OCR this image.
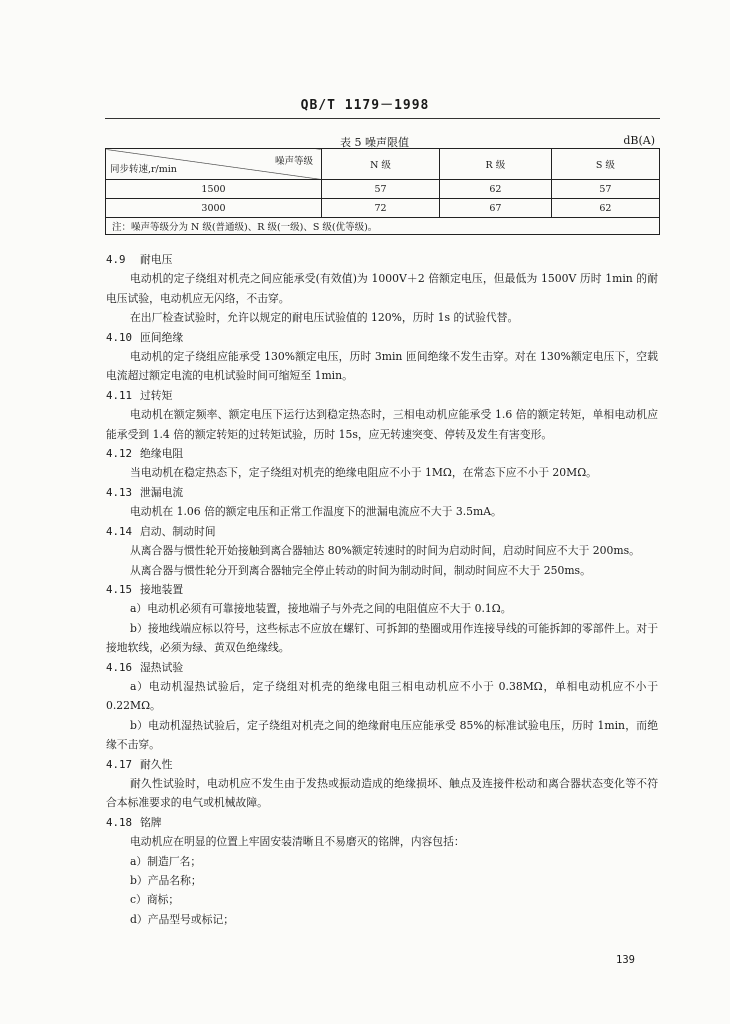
QB/T 1179－1998
表 5 噪声限值	dB(A)
噪声等级
同步转速,r/min	N 级	R 级	S 级
1500	57	62	57
3000	72	67	62
注：噪声等级分为 N 级(普通级)、R 级(一级)、S 级(优等级)。			

4.9 耐电压

电动机的定子绕组对机壳之间应能承受(有效值)为 1000V＋2 倍额定电压，但最低为 1500V 历时 1min 的耐电压试验，电动机应无闪络，不击穿。

在出厂检查试验时，允许以规定的耐电压试验值的 120%，历时 1s 的试验代替。

4.10 匝间绝缘

电动机的定子绕组应能承受 130%额定电压，历时 3min 匝间绝缘不发生击穿。对在 130%额定电压下，空载电流超过额定电流的电机试验时间可缩短至 1min。

4.11 过转矩

电动机在额定频率、额定电压下运行达到稳定热态时，三相电动机应能承受 1.6 倍的额定转矩，单相电动机应能承受到 1.4 倍的额定转矩的过转矩试验，历时 15s，应无转速突变、停转及发生有害变形。

4.12 绝缘电阻

当电动机在稳定热态下，定子绕组对机壳的绝缘电阻应不小于 1MΩ，在常态下应不小于 20MΩ。

4.13 泄漏电流

电动机在 1.06 倍的额定电压和正常工作温度下的泄漏电流应不大于 3.5mA。

4.14 启动、制动时间

从离合器与惯性轮开始接触到离合器轴达 80%额定转速时的时间为启动时间，启动时间应不大于 200ms。

从离合器与惯性轮分开到离合器轴完全停止转动的时间为制动时间，制动时间应不大于 250ms。

4.15 接地装置

a）电动机必须有可靠接地装置，接地端子与外壳之间的电阻值应不大于 0.1Ω。

b）接地线端应标以符号，这些标志不应放在螺钉、可拆卸的垫圈或用作连接导线的可能拆卸的零部件上。对于接地软线，必须为绿、黄双色绝缘线。

4.16 湿热试验

a）电动机湿热试验后，定子绕组对机壳的绝缘电阻三相电动机应不小于 0.38MΩ，单相电动机应不小于 0.22MΩ。

b）电动机湿热试验后，定子绕组对机壳之间的绝缘耐电压应能承受 85%的标准试验电压，历时 1min，而绝缘不击穿。

4.17 耐久性

耐久性试验时，电动机应不发生由于发热或振动造成的绝缘损坏、触点及连接件松动和离合器状态变化等不符合本标准要求的电气或机械故障。

4.18 铭牌

电动机应在明显的位置上牢固安装清晰且不易磨灭的铭牌，内容包括：

a）制造厂名；

b）产品名称；

c）商标；

d）产品型号或标记；

139
